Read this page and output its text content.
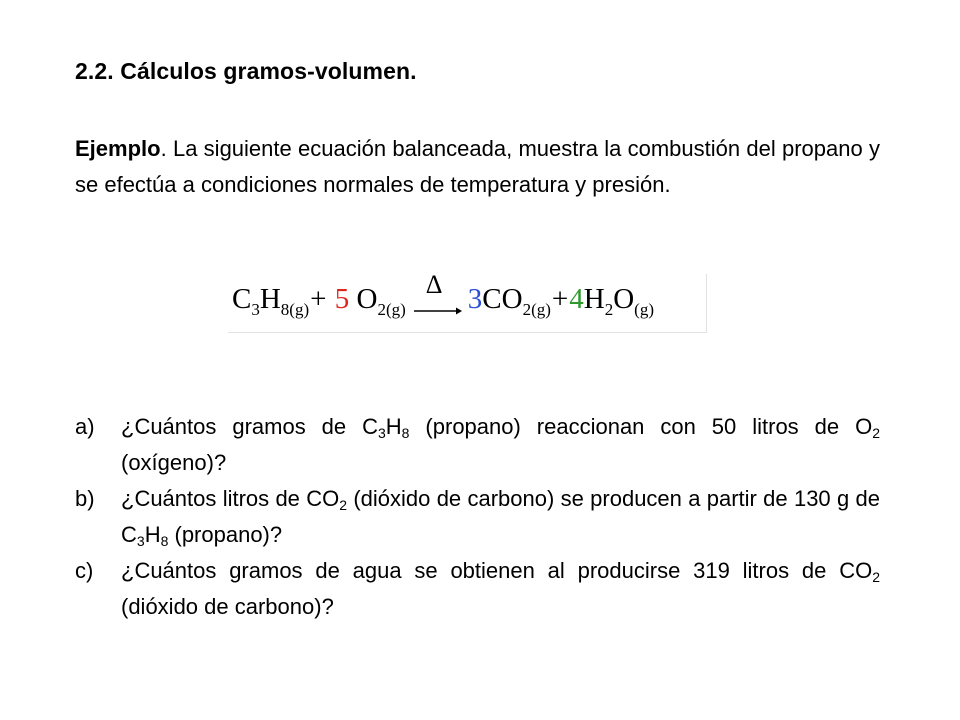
2.2. Cálculos gramos-volumen.
Ejemplo. La siguiente ecuación balanceada, muestra la combustión del propano y se efectúa a condiciones normales de temperatura y presión.
$C_3H_{8(g)}+ 5$ $O_{2(g)}$
Δ $3CO_{2(g)}+4H_2O_{(g)}$
a) ¿Cuántos gramos de $C_3H_8$ (propano) reaccionan con 50 litros de $O_2$ (oxígeno)?
b) ¿Cuántos litros de $CO_2$ (dióxido de carbono) se producen a partir de 130 g de $C_3H_8$ (propano)?
c) ¿Cuántos gramos de agua se obtienen al producirse 319 litros de $CO_2$ (dióxido de carbono)?
